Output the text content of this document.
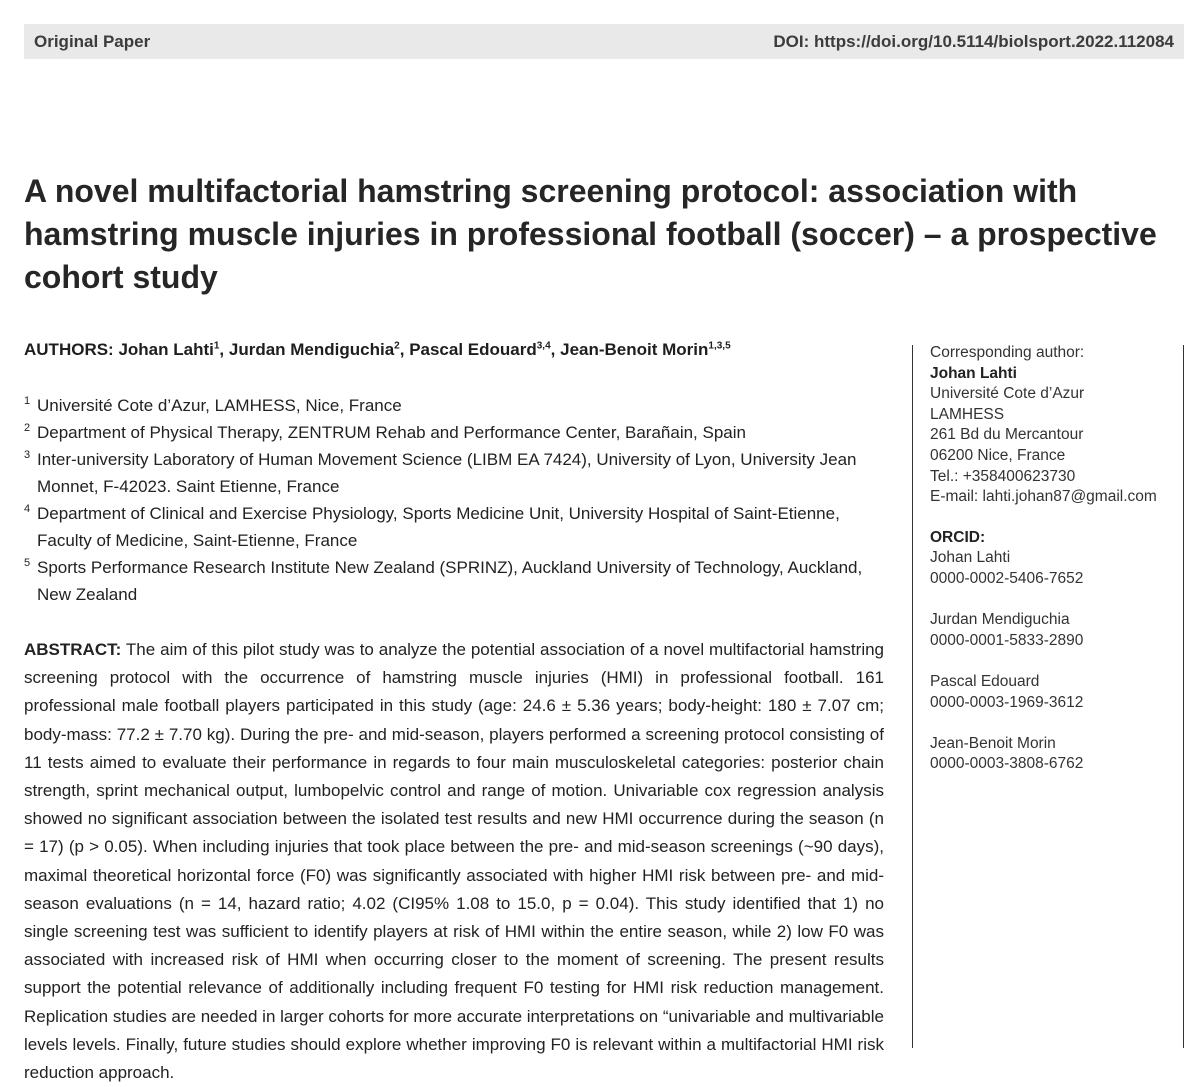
Original Paper	DOI: https://doi.org/10.5114/biolsport.2022.112084
A novel multifactorial hamstring screening protocol: association with hamstring muscle injuries in professional football (soccer) – a prospective cohort study
AUTHORS: Johan Lahti$^1$, Jurdan Mendiguchia$^2$, Pascal Edouard$^{3,4}$, Jean-Benoit Morin$^{1,3,5}$
1 Université Cote d’Azur, LAMHESS, Nice, France
2 Department of Physical Therapy, ZENTRUM Rehab and Performance Center, Barañain, Spain
3 Inter-university Laboratory of Human Movement Science (LIBM EA 7424), University of Lyon, University Jean Monnet, F-42023. Saint Etienne, France
4 Department of Clinical and Exercise Physiology, Sports Medicine Unit, University Hospital of Saint-Etienne, Faculty of Medicine, Saint-Etienne, France
5 Sports Performance Research Institute New Zealand (SPRINZ), Auckland University of Technology, Auckland, New Zealand

ABSTRACT: The aim of this pilot study was to analyze the potential association of a novel multifactorial hamstring screening protocol with the occurrence of hamstring muscle injuries (HMI) in professional football. 161 professional male football players participated in this study (age: 24.6 ± 5.36 years; body-height: 180 ± 7.07 cm; body-mass: 77.2 ± 7.70 kg). During the pre- and mid-season, players performed a screening protocol consisting of 11 tests aimed to evaluate their performance in regards to four main musculoskeletal categories: posterior chain strength, sprint mechanical output, lumbopelvic control and range of motion. Univariable cox regression analysis showed no significant association between the isolated test results and new HMI occurrence during the season (n = 17) (p > 0.05). When including injuries that took place between the pre- and mid-season screenings (~90 days), maximal theoretical horizontal force (F0) was significantly associated with higher HMI risk between pre- and mid-season evaluations (n = 14, hazard ratio; 4.02 (CI95% 1.08 to 15.0, p = 0.04). This study identified that 1) no single screening test was sufficient to identify players at risk of HMI within the entire season, while 2) low F0 was associated with increased risk of HMI when occurring closer to the moment of screening. The present results support the potential relevance of additionally including frequent F0 testing for HMI risk reduction management. Replication studies are needed in larger cohorts for more accurate interpretations on “univariable and multivariable levels levels. Finally, future studies should explore whether improving F0 is relevant within a multifactorial HMI risk reduction approach.

Corresponding author:
Johan Lahti
Université Cote d’Azur
LAMHESS
261 Bd du Mercantour
06200 Nice, France
Tel.: +358400623730
E-mail: lahti.johan87@gmail.com
ORCID:
Johan Lahti
0000-0002-5406-7652
Jurdan Mendiguchia
0000-0001-5833-2890
Pascal Edouard
0000-0003-1969-3612
Jean-Benoit Morin
0000-0003-3808-6762
